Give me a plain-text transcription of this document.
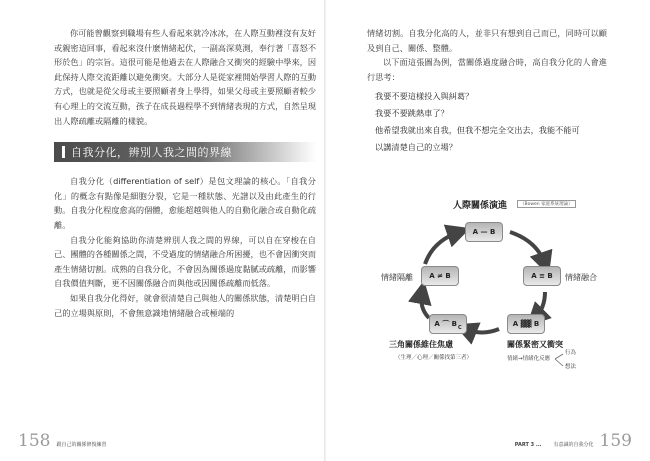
你可能曾觀察到職場有些人看起來就冷冰冰，在人際互動裡沒有友好或親密這回事，看起來沒什麼情緒起伏，一副高深莫測，奉行著「喜怒不形於色」的宗旨。這很可能是他過去在人際融合又衝突的經驗中學來，因此保持人際交流距離以避免衝突。大部分人是從家裡開始學習人際的互動方式，也就是從父母或主要照顧者身上學得，如果父母或主要照顧者較少有心理上的交流互動，孩子在成長過程學不到情緒表現的方式，自然呈現出人際疏離或隔離的樣貌。

自我分化，辨別人我之間的界線

自我分化（differentiation of self）是包文理論的核心。「自我分化」的概念有點像是細胞分裂，它是一種狀態、光譜以及由此產生的行動。自我分化程度愈高的個體，愈能超越與他人的自動化融合或自動化疏離。

自我分化能夠協助你清楚辨別人我之間的界線，可以自在穿梭在自己、團體的各種關係之間，不受過度的情緒融合所困擾，也不會因衝突而產生情緒切割。成熟的自我分化，不會因為關係過度黏膩或疏離，而影響自我價值判斷，更不因關係融合而與他或因關係疏離而低落。

如果自我分化得好，就會很清楚自己與他人的關係狀態，清楚明白自己的立場與原則，不會無意識地情緒融合或極端的

情緒切割。自我分化高的人，並非只有想到自己而已，同時可以顧及到自己、關係、整體。

以下面這張圖為例，當關係過度融合時，高自我分化的人會進行思考：

我要不要這樣投入與糾葛？

我要不要跳熱車了？

他希望我就出來自我，但我不想完全交出去，我能不能可

以講清楚自己的立場？

人際關係演進	（Bowen 家庭系統理論）
A — B
A ≡ B	情緒融合
A ▓▓ B
關係緊密又衝突
情緒→情緒化反應
行為
想法
A ⌒ B C
三角關係維住焦慮
（生理／心理／關係找第三者）
A ≠ B
情緒隔離
158 跟自己的關係修復練習	PART 3 ... 有意識的自我分化 159
